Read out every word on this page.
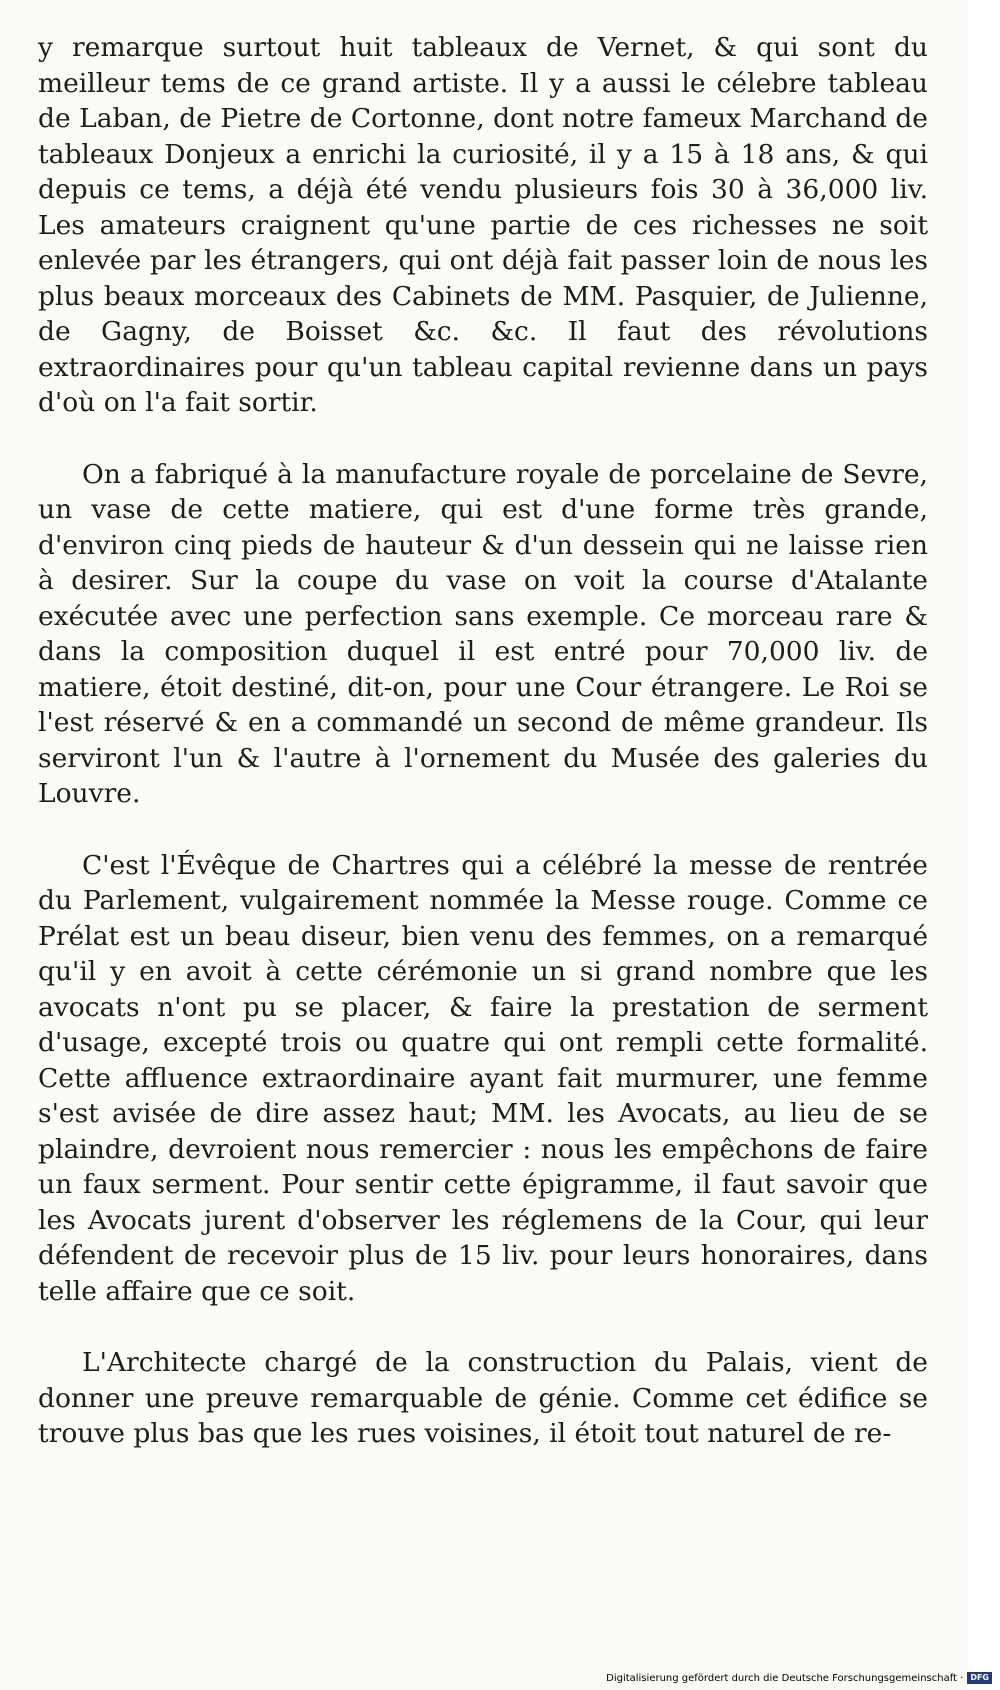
y remarque surtout huit tableaux de Vernet, & qui sont du meilleur tems de ce grand artiste. Il y a aussi le célebre tableau de Laban, de Pietre de Cortonne, dont notre fameux Marchand de tableaux Donjeux a enrichi la curiosité, il y a 15 à 18 ans, & qui depuis ce tems, a déjà été vendu plusieurs fois 30 à 36,000 liv. Les amateurs craignent qu'une partie de ces richesses ne soit enlevée par les étrangers, qui ont déjà fait passer loin de nous les plus beaux morceaux des Cabinets de MM. Pasquier, de Julienne, de Gagny, de Boisset &c. &c. Il faut des révolutions extraordinaires pour qu'un tableau capital revienne dans un pays d'où on l'a fait sortir.

On a fabriqué à la manufacture royale de porcelaine de Sevre, un vase de cette matiere, qui est d'une forme très grande, d'environ cinq pieds de hauteur & d'un dessein qui ne laisse rien à desirer. Sur la coupe du vase on voit la course d'Atalante exécutée avec une perfection sans exemple. Ce morceau rare & dans la composition duquel il est entré pour 70,000 liv. de matiere, étoit destiné, dit-on, pour une Cour étrangere. Le Roi se l'est réservé & en a commandé un second de même grandeur. Ils serviront l'un & l'autre à l'ornement du Musée des galeries du Louvre.

C'est l'Évêque de Chartres qui a célébré la messe de rentrée du Parlement, vulgairement nommée la Messe rouge. Comme ce Prélat est un beau diseur, bien venu des femmes, on a remarqué qu'il y en avoit à cette cérémonie un si grand nombre que les avocats n'ont pu se placer, & faire la prestation de serment d'usage, excepté trois ou quatre qui ont rempli cette formalité. Cette affluence extraordinaire ayant fait murmurer, une femme s'est avisée de dire assez haut; MM. les Avocats, au lieu de se plaindre, devroient nous remercier : nous les empêchons de faire un faux serment. Pour sentir cette épigramme, il faut savoir que les Avocats jurent d'observer les réglemens de la Cour, qui leur défendent de recevoir plus de 15 liv. pour leurs honoraires, dans telle affaire que ce soit.

L'Architecte chargé de la construction du Palais, vient de donner une preuve remarquable de génie. Comme cet édifice se trouve plus bas que les rues voisines, il étoit tout naturel de re-

Digitalisierung gefördert durch die Deutsche Forschungsgemeinschaft · DFG
